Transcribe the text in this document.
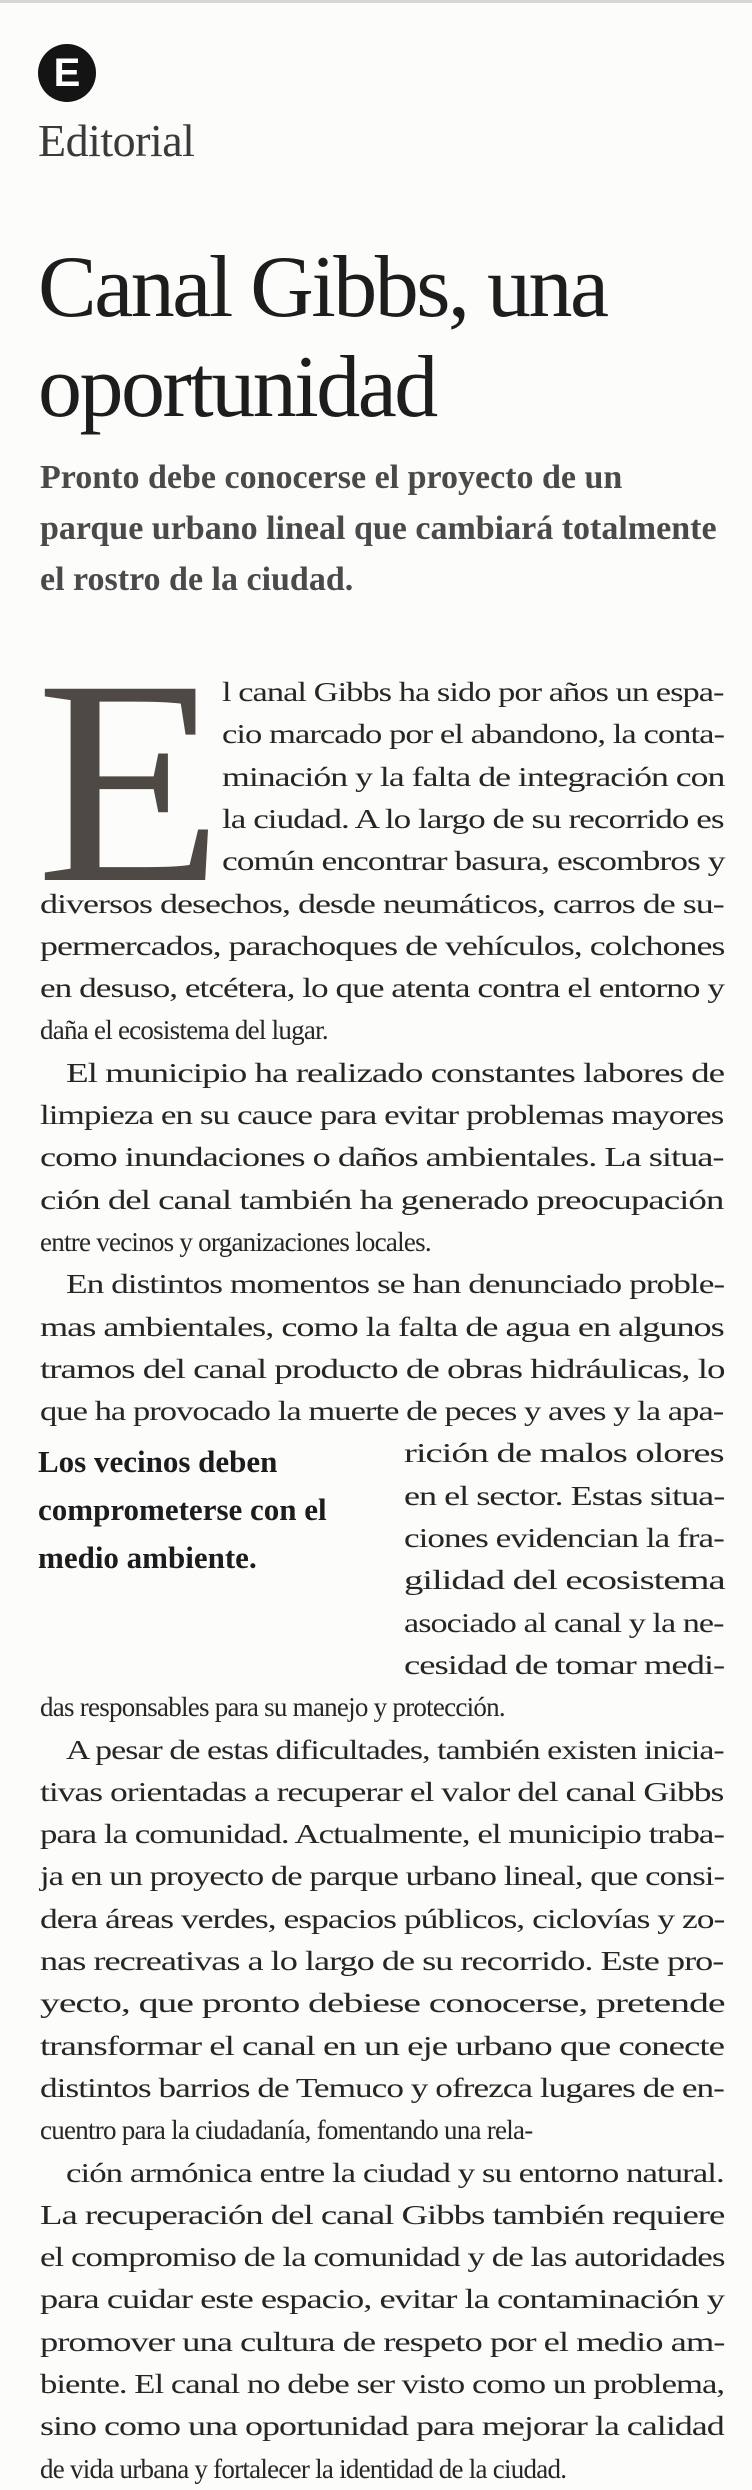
E
Editorial
Canal Gibbs, una oportunidad

Pronto debe conocerse el proyecto de un parque urbano lineal que cambiará totalmente el rostro de la ciudad.

E

Los vecinos deben comprometerse con el medio ambiente.

l canal Gibbs ha sido por años un espa-
cio marcado por el abandono, la conta-
minación y la falta de integración con
la ciudad. A lo largo de su recorrido es
común encontrar basura, escombros y
diversos desechos, desde neumáticos, carros de su-
permercados, parachoques de vehículos, colchones
en desuso, etcétera, lo que atenta contra el entorno y
daña el ecosistema del lugar.
El municipio ha realizado constantes labores de
limpieza en su cauce para evitar problemas mayores
como inundaciones o daños ambientales. La situa-
ción del canal también ha generado preocupación
entre vecinos y organizaciones locales.
En distintos momentos se han denunciado proble-
mas ambientales, como la falta de agua en algunos
tramos del canal producto de obras hidráulicas, lo
que ha provocado la muerte de peces y aves y la apa-
rición de malos olores
en el sector. Estas situa-
ciones evidencian la fra-
gilidad del ecosistema
asociado al canal y la ne-
cesidad de tomar medi-
das responsables para su manejo y protección.
A pesar de estas dificultades, también existen inicia-
tivas orientadas a recuperar el valor del canal Gibbs
para la comunidad. Actualmente, el municipio traba-
ja en un proyecto de parque urbano lineal, que consi-
dera áreas verdes, espacios públicos, ciclovías y zo-
nas recreativas a lo largo de su recorrido. Este pro-
yecto, que pronto debiese conocerse, pretende
transformar el canal en un eje urbano que conecte
distintos barrios de Temuco y ofrezca lugares de en-
cuentro para la ciudadanía, fomentando una rela-
ción armónica entre la ciudad y su entorno natural.
La recuperación del canal Gibbs también requiere
el compromiso de la comunidad y de las autoridades
para cuidar este espacio, evitar la contaminación y
promover una cultura de respeto por el medio am-
biente. El canal no debe ser visto como un problema,
sino como una oportunidad para mejorar la calidad
de vida urbana y fortalecer la identidad de la ciudad.
